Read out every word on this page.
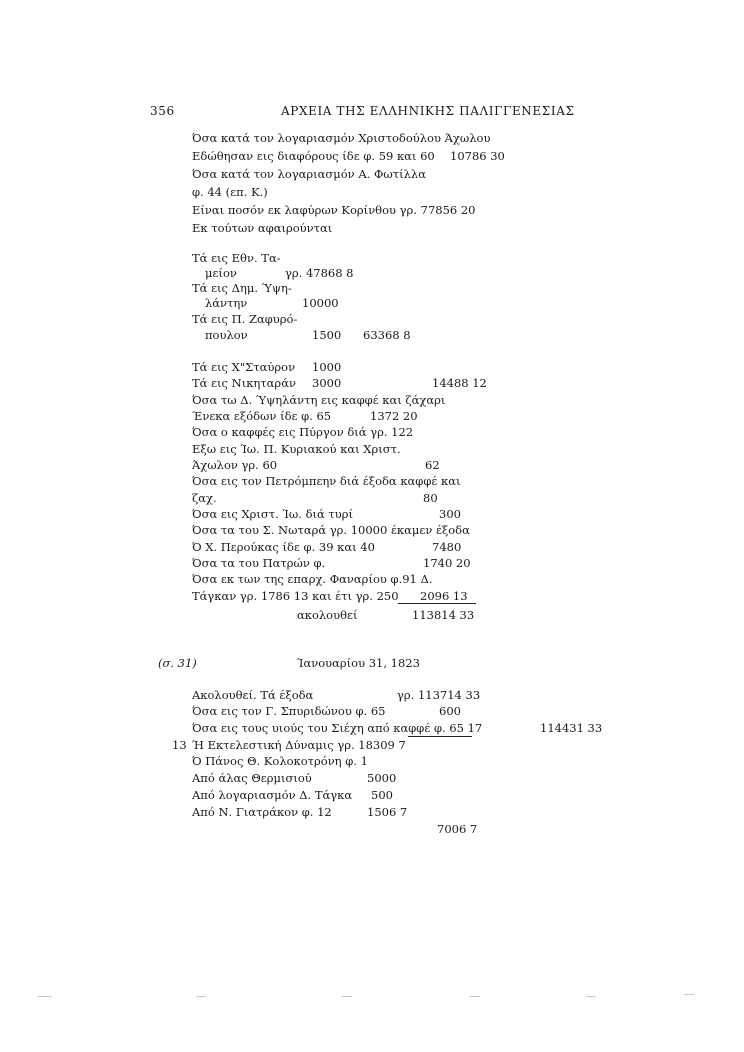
356	ΑΡΧΕΙΑ ΤΗΣ ΕΛΛΗΝΙΚΗΣ ΠΑΛΙΓΓΕΝΕΣΙΑΣ
Όσα κατά τον λογαριασμόν Χριστοδούλου Άχωλου
Εδώθησαν εις διαφόρους ίδε φ. 59 και 60 10786 30
Όσα κατά τον λογαριασμόν Α. Φωτίλλα
φ. 44 (επ. Κ.)
Είναι ποσόν εκ λαφύρων Κορίνθου γρ. 77856 20
Εκ τούτων αφαιρούνται
Τά εις Εθν. Τα-
μείον	γρ. 47868 8
Τά εις Δημ. Ύψη-
λάντην	10000
Τά εις Π. Ζαφυρό-
πουλον	1500 63368 8
Τά εις Χ"Σταύρον 1000
Τά εις Νικηταράν 3000	14488 12
Όσα τω Δ. Ύψηλάντη εις καφφέ και ζάχαρι
Ένεκα εξόδων ίδε φ. 65	1372 20
Όσα ο καφφές εις Πύργον διά γρ. 122
Εξω εις Ίω. Π. Κυριακού και Χριστ.
Άχωλον γρ. 60	62
Όσα εις τον Πετρόμπεην διά έξοδα καφφέ και
ζαχ.	80
Όσα εις Χριστ. Ίω. διά τυρί	300
Όσα τα του Σ. Νωταρά γρ. 10000 έκαμεν έξοδα
Ό Χ. Περούκας ίδε φ. 39 και 40	7480
Όσα τα του Πατρών φ.	1740 20
Όσα εκ των της επαρχ. Φαναρίου φ.91 Δ.
Τάγκαν γρ. 1786 13 και έτι γρ. 250 2096 13
ακολουθεί	113814 33
(σ. 31)	Ίανουαρίου 31, 1823
Ακολουθεί. Τά έξοδα	γρ. 113714 33
Όσα εις τον Γ. Σπυριδώνου φ. 65	600
Όσα εις τους υιούς του Σιέχη από καφφέ φ. 65 17	114431 33
13 Ή Εκτελεστική Δύναμις γρ. 18309 7
Ό Πάνος Θ. Κολοκοτρόνη φ. 1
Από άλας Θερμισιού	5000
Από λογαριασμόν Δ. Τάγκα 500
Από Ν. Γιατράκον φ. 12	1506 7
7006 7
